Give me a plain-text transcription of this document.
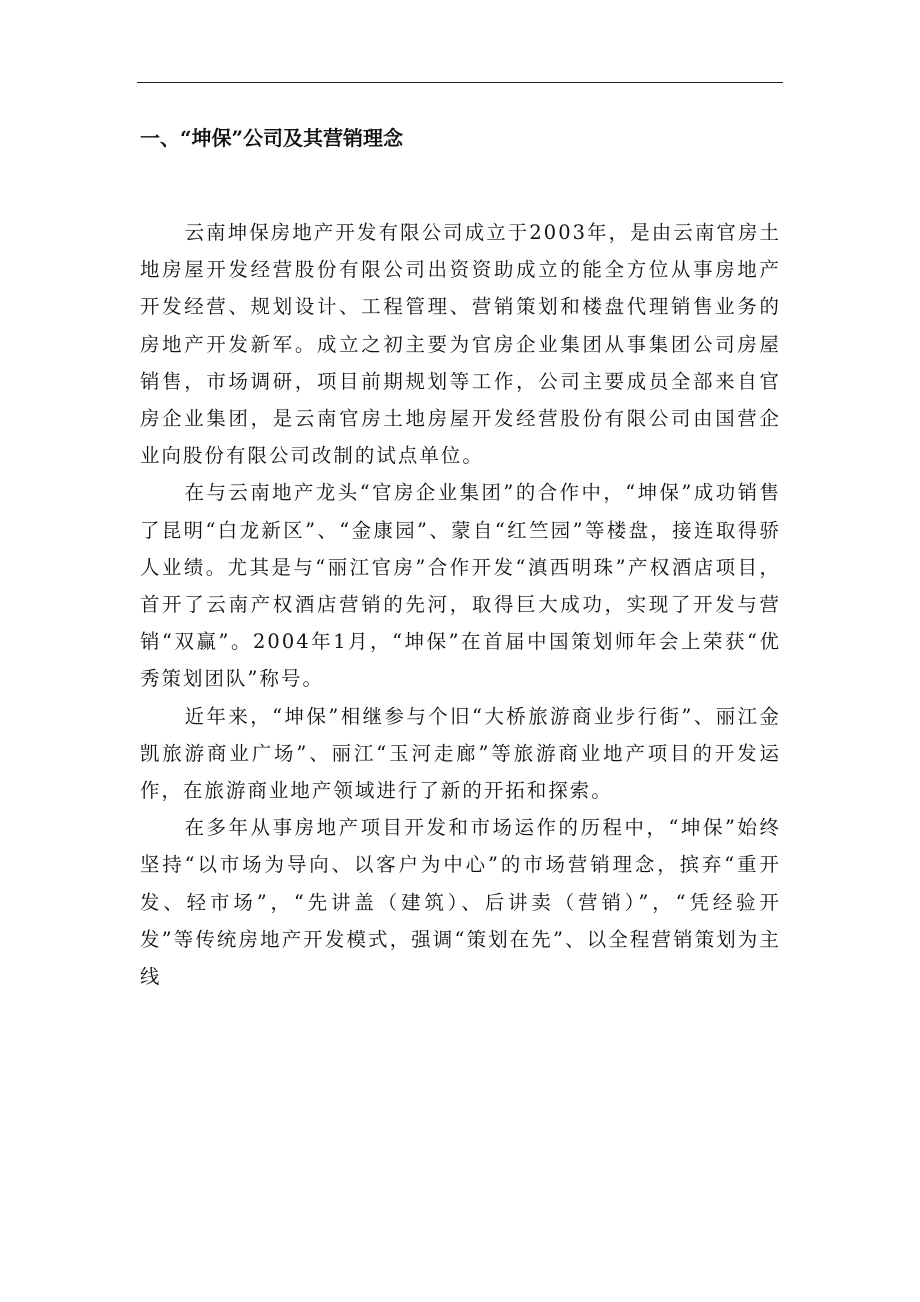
一、“坤保”公司及其营销理念

云南坤保房地产开发有限公司成立于2003年，是由云南官房土地房屋开发经营股份有限公司出资资助成立的能全方位从事房地产开发经营、规划设计、工程管理、营销策划和楼盘代理销售业务的房地产开发新军。成立之初主要为官房企业集团从事集团公司房屋销售，市场调研，项目前期规划等工作，公司主要成员全部来自官房企业集团，是云南官房土地房屋开发经营股份有限公司由国营企业向股份有限公司改制的试点单位。

在与云南地产龙头“官房企业集团”的合作中，“坤保”成功销售了昆明“白龙新区”、“金康园”、蒙自“红竺园”等楼盘，接连取得骄人业绩。尤其是与“丽江官房”合作开发“滇西明珠”产权酒店项目，首开了云南产权酒店营销的先河，取得巨大成功，实现了开发与营销“双赢”。2004年1月，“坤保”在首届中国策划师年会上荣获“优秀策划团队”称号。

近年来，“坤保”相继参与个旧“大桥旅游商业步行街”、丽江金凯旅游商业广场”、丽江“玉河走廊”等旅游商业地产项目的开发运作，在旅游商业地产领域进行了新的开拓和探索。

在多年从事房地产项目开发和市场运作的历程中，“坤保”始终坚持“以市场为导向、以客户为中心”的市场营销理念，摈弃“重开发、轻市场”，“先讲盖（建筑）、后讲卖（营销）”，“凭经验开发”等传统房地产开发模式，强调“策划在先”、以全程营销策划为主线
